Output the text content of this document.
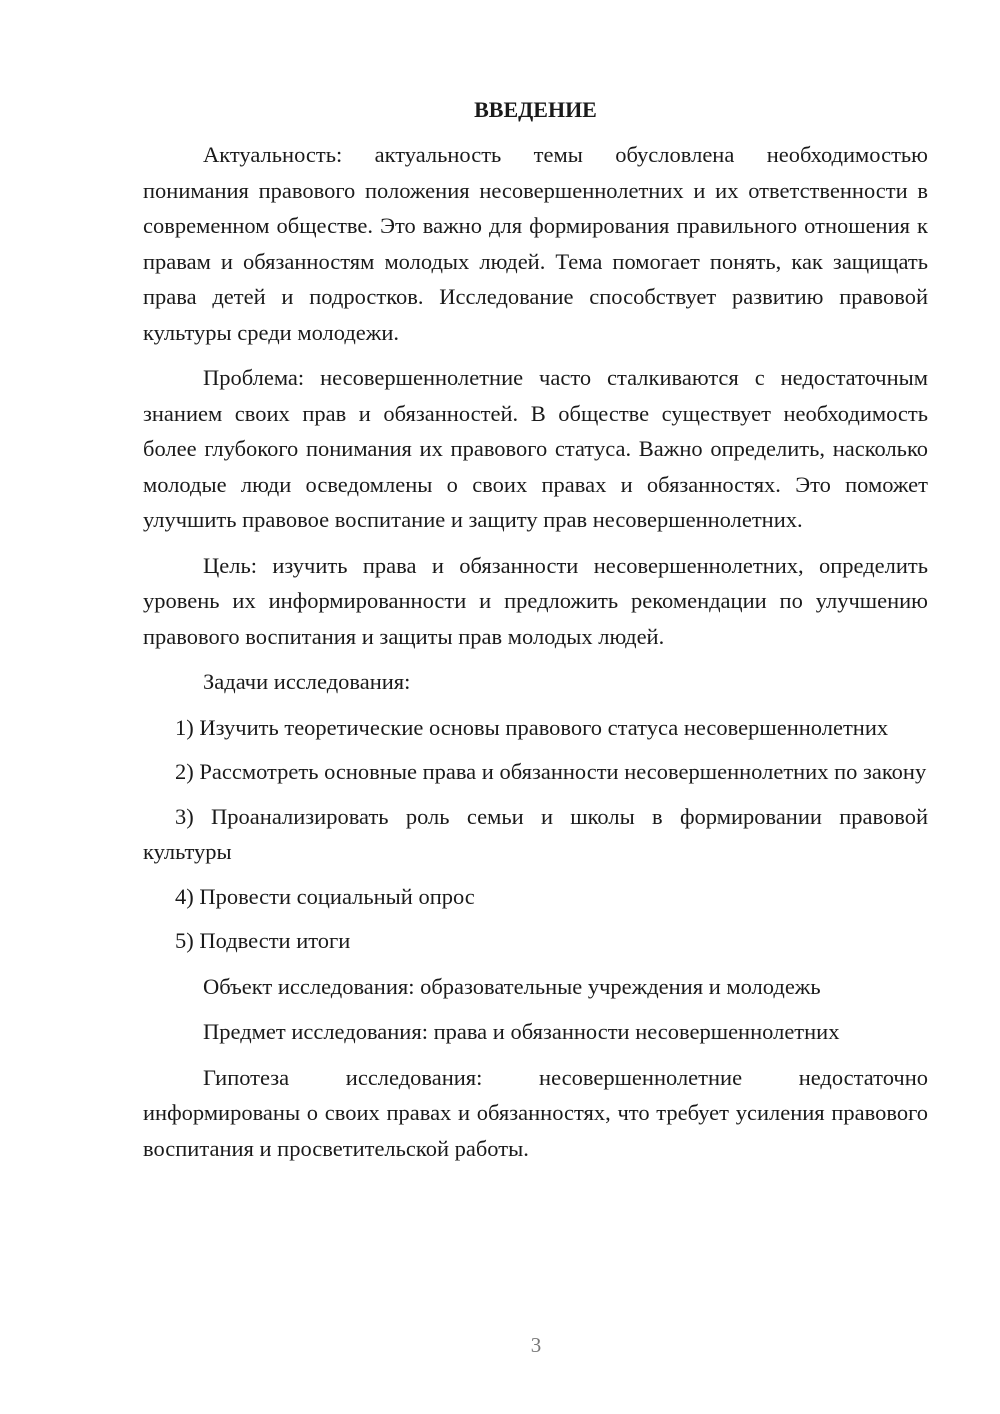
ВВЕДЕНИЕ

Актуальность: актуальность темы обусловлена необходимостью понимания правового положения несовершеннолетних и их ответственности в современном обществе. Это важно для формирования правильного отношения к правам и обязанностям молодых людей. Тема помогает понять, как защищать права детей и подростков. Исследование способствует развитию правовой культуры среди молодежи.

Проблема: несовершеннолетние часто сталкиваются с недостаточным знанием своих прав и обязанностей. В обществе существует необходимость более глубокого понимания их правового статуса. Важно определить, насколько молодые люди осведомлены о своих правах и обязанностях. Это поможет улучшить правовое воспитание и защиту прав несовершеннолетних.

Цель: изучить права и обязанности несовершеннолетних, определить уровень их информированности и предложить рекомендации по улучшению правового воспитания и защиты прав молодых людей.

Задачи исследования:

1) Изучить теоретические основы правового статуса несовершеннолетних

2) Рассмотреть основные права и обязанности несовершеннолетних по закону

3) Проанализировать роль семьи и школы в формировании правовой культуры

4) Провести социальный опрос

5) Подвести итоги

Объект исследования: образовательные учреждения и молодежь

Предмет исследования: права и обязанности несовершеннолетних

Гипотеза исследования: несовершеннолетние недостаточно информированы о своих правах и обязанностях, что требует усиления правового воспитания и просветительской работы.

3
